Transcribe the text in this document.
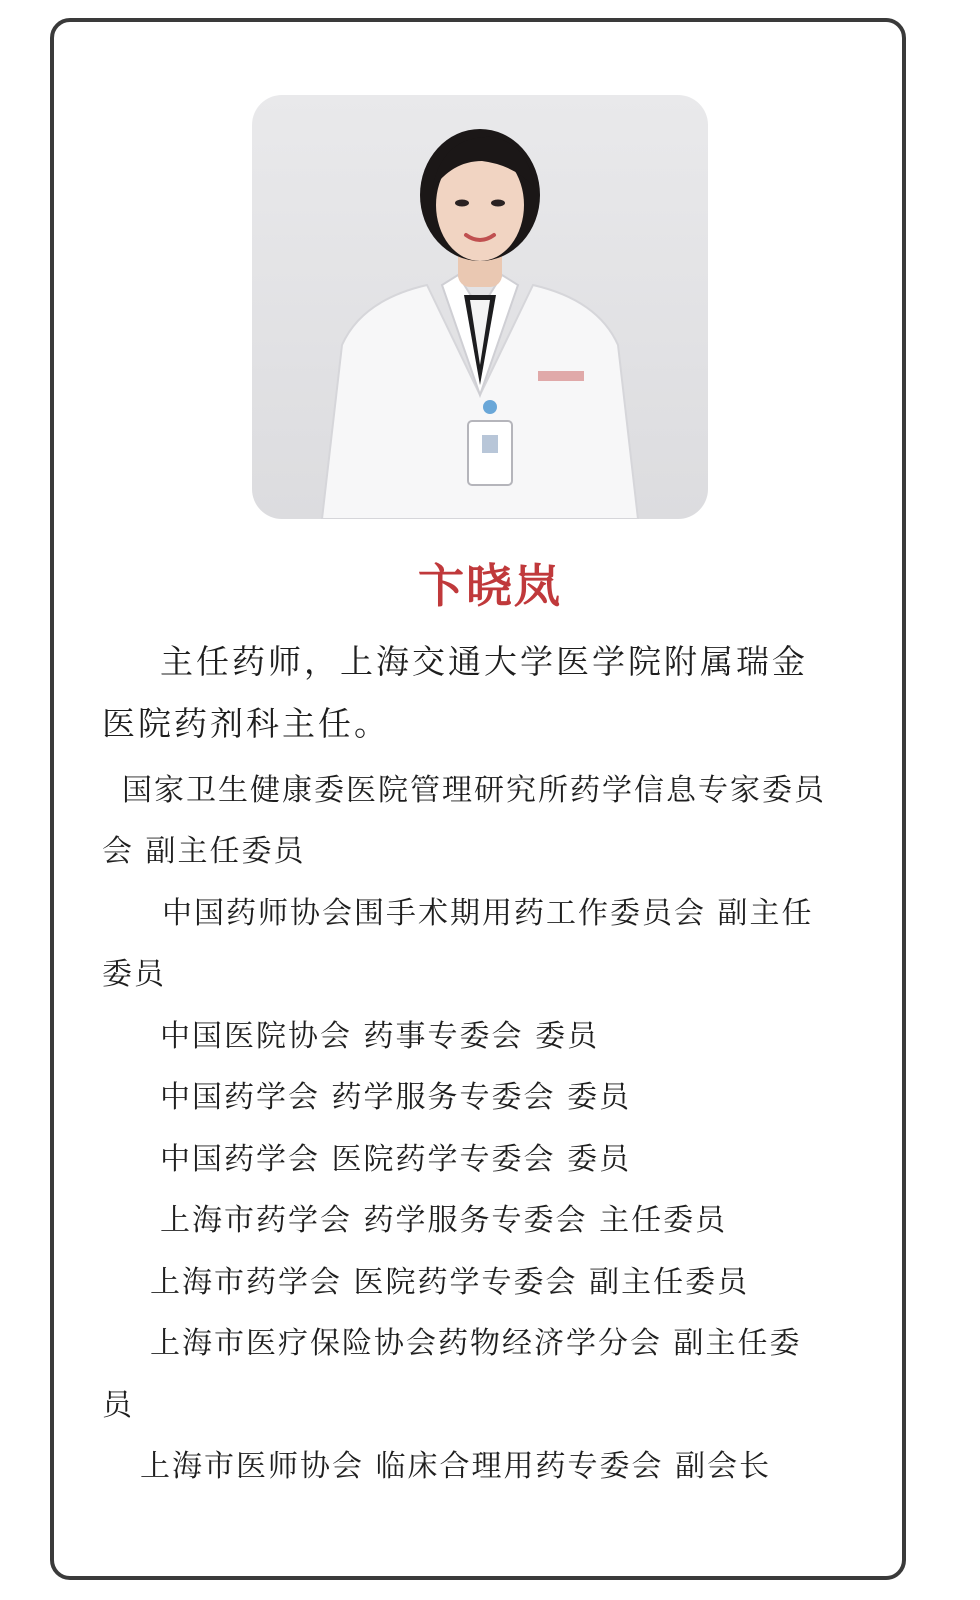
卞晓岚
主任药师，上海交通大学医学院附属瑞金
医院药剂科主任。
国家卫生健康委医院管理研究所药学信息专家委员
会 副主任委员
中国药师协会围手术期用药工作委员会 副主任
委员
中国医院协会 药事专委会 委员
中国药学会 药学服务专委会 委员
中国药学会 医院药学专委会 委员
上海市药学会 药学服务专委会 主任委员
上海市药学会 医院药学专委会 副主任委员
上海市医疗保险协会药物经济学分会 副主任委
员
上海市医师协会 临床合理用药专委会 副会长
